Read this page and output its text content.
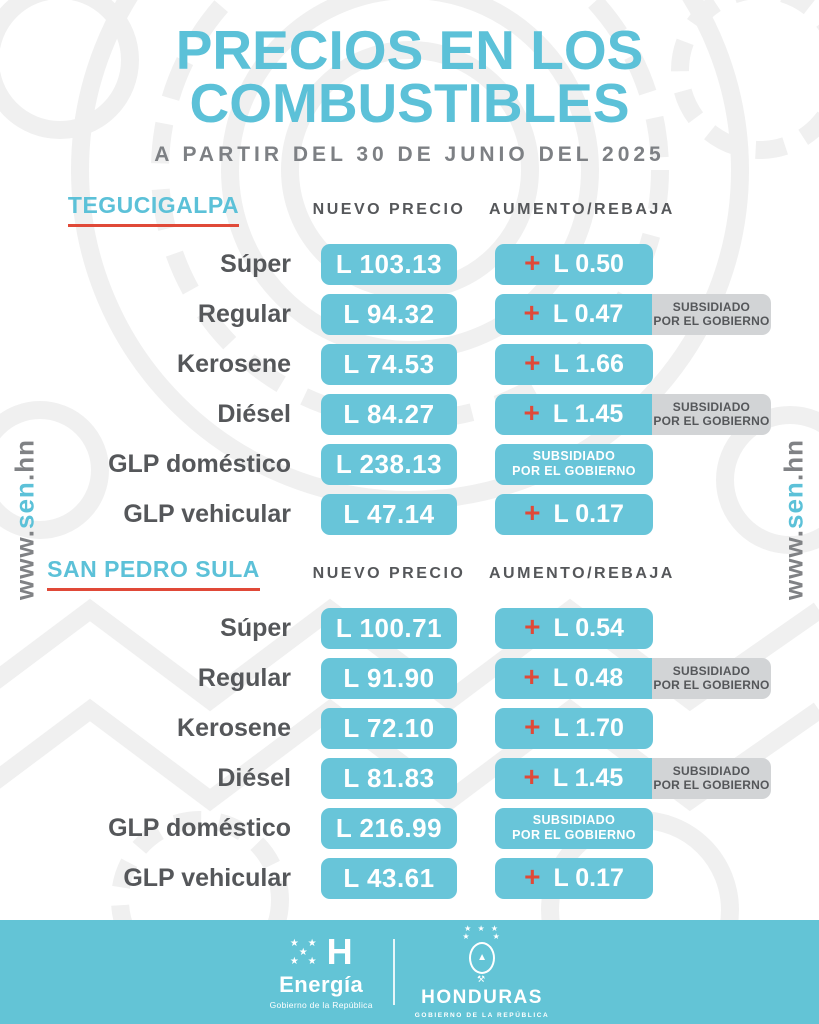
PRECIOS EN LOS
COMBUSTIBLES
A PARTIR DEL 30 DE JUNIO DEL 2025
TEGUCIGALPA	NUEVO PRECIO AUMENTO/REBAJA
Súper	L 103.13	+ L 0.50
Regular	L 94.32	+ L 0.47	SUBSIDIADO
POR EL GOBIERNO
Kerosene	L 74.53	+ L 1.66
Diésel	L 84.27	+ L 1.45	SUBSIDIADO
POR EL GOBIERNO
GLP doméstico	L 238.13	SUBSIDIADO
POR EL GOBIERNO
GLP vehicular	L 47.14	+ L 0.17
SAN PEDRO SULA	NUEVO PRECIO AUMENTO/REBAJA
Súper	L 100.71	+ L 0.54
Regular	L 91.90	+ L 0.48	SUBSIDIADO
POR EL GOBIERNO
Kerosene	L 72.10	+ L 1.70
Diésel	L 81.83	+ L 1.45	SUBSIDIADO
POR EL GOBIERNO
GLP doméstico	L 216.99	SUBSIDIADO
POR EL GOBIERNO
GLP vehicular	L 43.61	+ L 0.17
www.
sen
.hn
www.
sen
.hn
★ ★
★
★ ★ H
Energía
Gobierno de la República
★ ★ ★
★     ★
▲
⚒
HONDURAS
GOBIERNO DE LA REPÚBLICA
